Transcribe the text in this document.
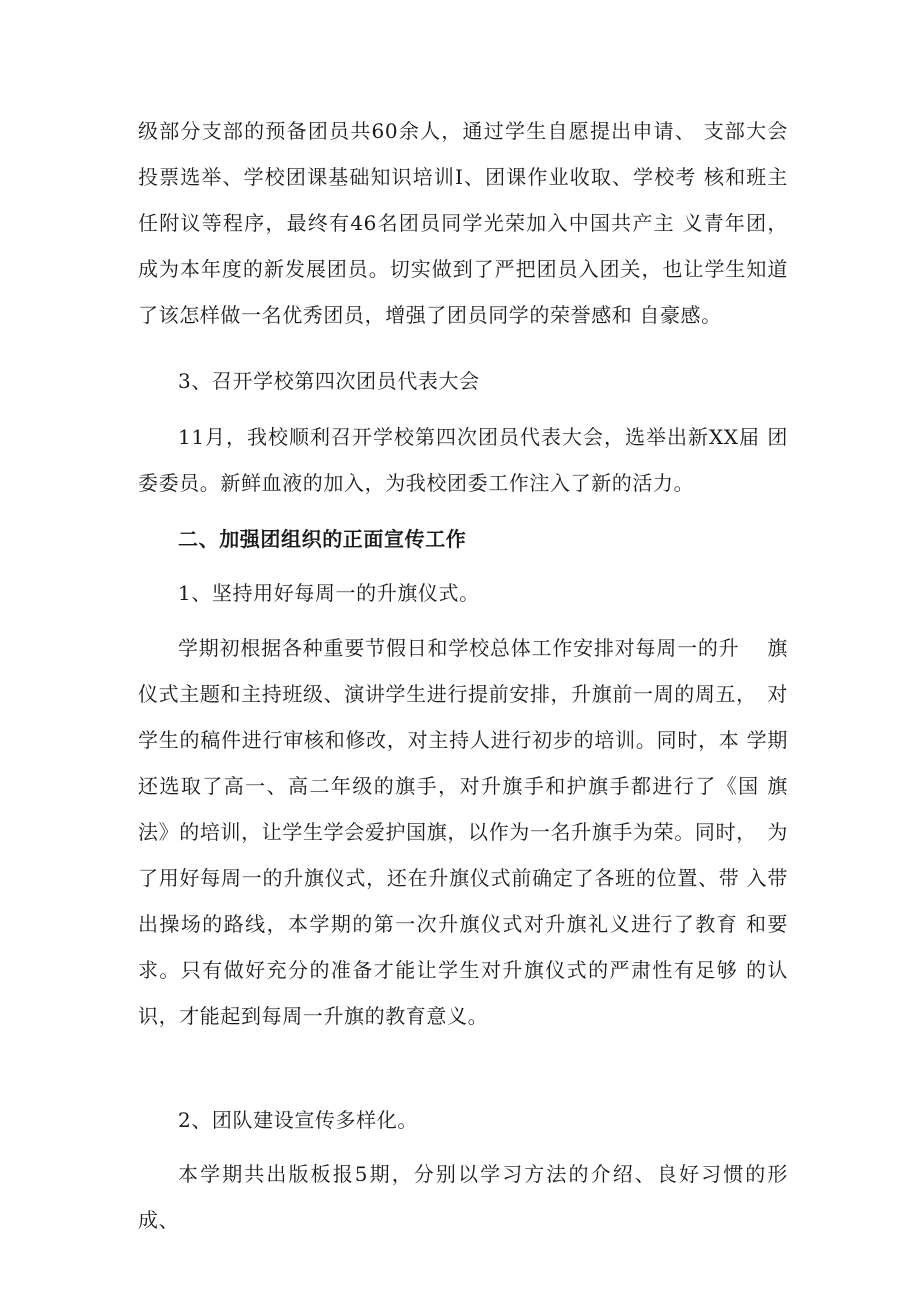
级部分支部的预备团员共60余人，通过学生自愿提出申请、 支部大会投票选举、学校团课基础知识培训I、团课作业收取、学校考 核和班主任附议等程序，最终有46名团员同学光荣加入中国共产主 义青年团，成为本年度的新发展团员。切实做到了严把团员入团关，也让学生知道了该怎样做一名优秀团员，增强了团员同学的荣誉感和 自豪感。

3、召开学校第四次团员代表大会

11月，我校顺利召开学校第四次团员代表大会，选举出新XX届 团委委员。新鲜血液的加入，为我校团委工作注入了新的活力。

二、加强团组织的正面宣传工作

1、坚持用好每周一的升旗仪式。

学期初根据各种重要节假日和学校总体工作安排对每周一的升　 旗仪式主题和主持班级、演讲学生进行提前安排，升旗前一周的周五，　对学生的稿件进行审核和修改，对主持人进行初步的培训。同时，本 学期还选取了高一、高二年级的旗手，对升旗手和护旗手都进行了《国 旗法》的培训，让学生学会爱护国旗，以作为一名升旗手为荣。同时，　为了用好每周一的升旗仪式，还在升旗仪式前确定了各班的位置、带 入带出操场的路线，本学期的第一次升旗仪式对升旗礼义进行了教育 和要求。只有做好充分的准备才能让学生对升旗仪式的严肃性有足够 的认识，才能起到每周一升旗的教育意义。

2、团队建设宣传多样化。

本学期共出版板报5期，分别以学习方法的介绍、良好习惯的形　成、
